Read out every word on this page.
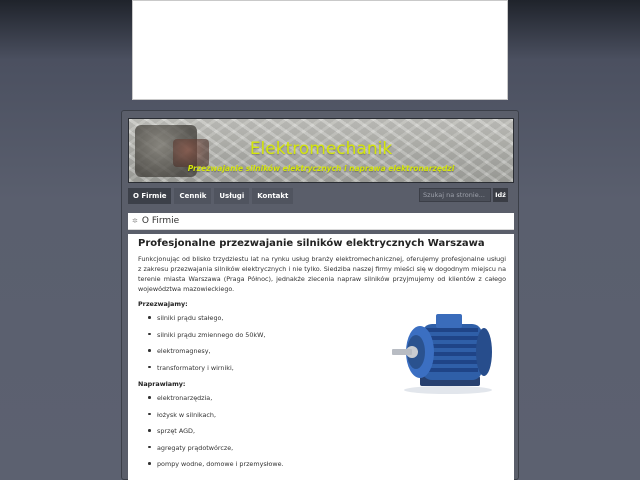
Elektromechanik
Przezwajanie silników elektrycznych i naprawa elektronarzędzi
O Firmie	Cennik	Usługi	Kontakt	Szukaj na stronie...	Idź
✲ O Firmie
Profesjonalne przezwajanie silników elektrycznych Warszawa
Funkcjonując od blisko trzydziestu lat na rynku usług branży elektromechanicznej, oferujemy profesjonalne usługi z zakresu przezwajania silników elektrycznych i nie tylko. Siedziba naszej firmy mieści się w dogodnym miejscu na terenie miasta Warszawa (Praga Północ), jednakże zlecenia napraw silników przyjmujemy od klientów z całego województwa mazowieckiego.
Przezwajamy:
silniki prądu stałego,
silniki prądu zmiennego do 50kW,
elektromagnesy,
transformatory i wirniki,
Naprawiamy:
elektronarzędzia,
łożysk w silnikach,
sprzęt AGD,
agregaty prądotwórcze,
pompy wodne, domowe i przemysłowe.
